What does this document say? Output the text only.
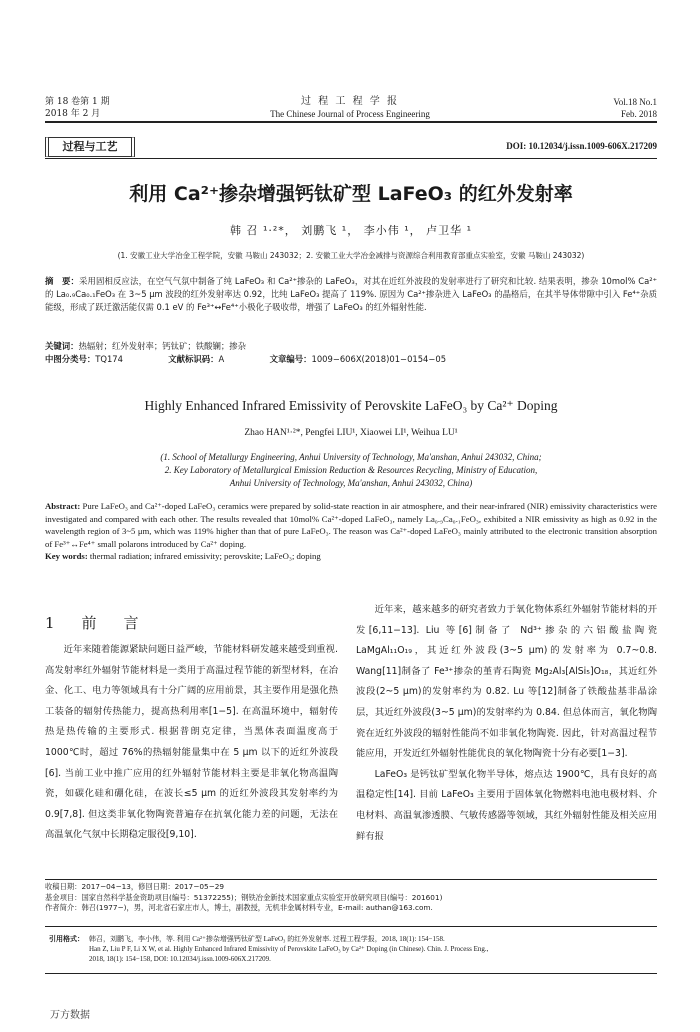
第 18 卷第 1 期
2018 年 2 月
过 程 工 程 学 报
The Chinese Journal of Process Engineering
Vol.18 No.1
Feb. 2018
过程与工艺	DOI: 10.12034/j.issn.1009-606X.217209
利用 Ca²⁺掺杂增强钙钛矿型 LaFeO₃ 的红外发射率
韩 召 ¹·²*， 刘鹏飞 ¹， 李小伟 ¹， 卢卫华 ¹
(1. 安徽工业大学冶金工程学院，安徽 马鞍山 243032；2. 安徽工业大学冶金减排与资源综合利用教育部重点实验室，安徽 马鞍山 243032)
摘　要：采用固相反应法，在空气气氛中制备了纯 LaFeO₃ 和 Ca²⁺掺杂的 LaFeO₃，对其在近红外波段的发射率进行了研究和比较. 结果表明，掺杂 10mol% Ca²⁺的 La₀.₉Ca₀.₁FeO₃ 在 3~5 μm 波段的红外发射率达 0.92，比纯 LaFeO₃ 提高了 119%. 原因为 Ca²⁺掺杂进入 LaFeO₃ 的晶格后，在其半导体带隙中引入 Fe⁴⁺杂质能级，形成了跃迁激活能仅需 0.1 eV 的 Fe³⁺↔Fe⁴⁺小极化子吸收带，增强了 LaFeO₃ 的红外辐射性能.
关键词：热辐射；红外发射率；钙钛矿；铁酸镧；掺杂
中图分类号：TQ174	文献标识码：A	文章编号：1009−606X(2018)01−0154−05
Highly Enhanced Infrared Emissivity of Perovskite LaFeO₃ by Ca²⁺ Doping
Zhao HAN¹·²*, Pengfei LIU¹, Xiaowei LI¹, Weihua LU¹
(1. School of Metallurgy Engineering, Anhui University of Technology, Ma'anshan, Anhui 243032, China;
2. Key Laboratory of Metallurgical Emission Reduction & Resources Recycling, Ministry of Education,
Anhui University of Technology, Ma'anshan, Anhui 243032, China)
Abstract: Pure LaFeO₃ and Ca²⁺-doped LaFeO₃ ceramics were prepared by solid-state reaction in air atmosphere, and their near-infrared (NIR) emissivity characteristics were investigated and compared with each other. The results revealed that 10mol% Ca²⁺-doped LaFeO₃, namely La₀.₉Ca₀.₁FeO₃, exhibited a NIR emissivity as high as 0.92 in the wavelength region of 3~5 μm, which was 119% higher than that of pure LaFeO₃. The reason was Ca²⁺-doped LaFeO₃ mainly attributed to the electronic transition absorption of Fe³⁺↔Fe⁴⁺ small polarons introduced by Ca²⁺ doping.
Key words: thermal radiation; infrared emissivity; perovskite; LaFeO₃; doping
1　前　言

近年来随着能源紧缺问题日益严峻，节能材料研发越来越受到重视. 高发射率红外辐射节能材料是一类用于高温过程节能的新型材料，在冶金、化工、电力等领域具有十分广阔的应用前景，其主要作用是强化热工装备的辐射传热能力，提高热利用率[1−5]. 在高温环境中，辐射传热是热传输的主要形式. 根据普朗克定律，当黑体表面温度高于 1000℃时，超过 76%的热辐射能量集中在 5 μm 以下的近红外波段[6]. 当前工业中推广应用的红外辐射节能材料主要是非氧化物高温陶瓷，如碳化硅和硼化硅，在波长≤5 μm 的近红外波段其发射率约为 0.9[7,8]. 但这类非氧化物陶瓷普遍存在抗氧化能力差的问题，无法在高温氧化气氛中长期稳定服役[9,10].

近年来，越来越多的研究者致力于氧化物体系红外辐射节能材料的开发[6,11−13]. Liu 等[6]制备了 Nd³⁺掺杂的六铝酸盐陶瓷 LaMgAl₁₁O₁₉，其近红外波段(3~5 μm)的发射率为 0.7~0.8. Wang[11]制备了 Fe³⁺掺杂的堇青石陶瓷 Mg₂Al₃[AlSi₅]O₁₈，其近红外波段(2~5 μm)的发射率约为 0.82. Lu 等[12]制备了铁酸盐基非晶涂层，其近红外波段(3~5 μm)的发射率约为 0.84. 但总体而言，氧化物陶瓷在近红外波段的辐射性能尚不如非氧化物陶瓷. 因此，针对高温过程节能应用，开发近红外辐射性能优良的氧化物陶瓷十分有必要[1−3].

LaFeO₃ 是钙钛矿型氧化物半导体，熔点达 1900℃，具有良好的高温稳定性[14]. 目前 LaFeO₃ 主要用于固体氧化物燃料电池电极材料、介电材料、高温氧渗透膜、气敏传感器等领域，其红外辐射性能及相关应用鲜有报

收稿日期：2017−04−13，修回日期：2017−05−29
基金项目：国家自然科学基金资助项目(编号：51372255)；钢铁冶金新技术国家重点实验室开放研究项目(编号：201601)
作者简介：韩召(1977−)，男，河北省石家庄市人，博士，副教授，无机非金属材料专业，E-mail: authan@163.com.
引用格式： 韩召，刘鹏飞，李小伟，等. 利用 Ca²⁺掺杂增强钙钛矿型 LaFeO₃ 的红外发射率. 过程工程学报，2018, 18(1): 154−158.
Han Z, Liu P F, Li X W, et al. Highly Enhanced Infrared Emissivity of Perovskite LaFeO₃ by Ca²⁺ Doping (in Chinese). Chin. J. Process Eng.,
2018, 18(1): 154−158, DOI: 10.12034/j.issn.1009-606X.217209.
万方数据
